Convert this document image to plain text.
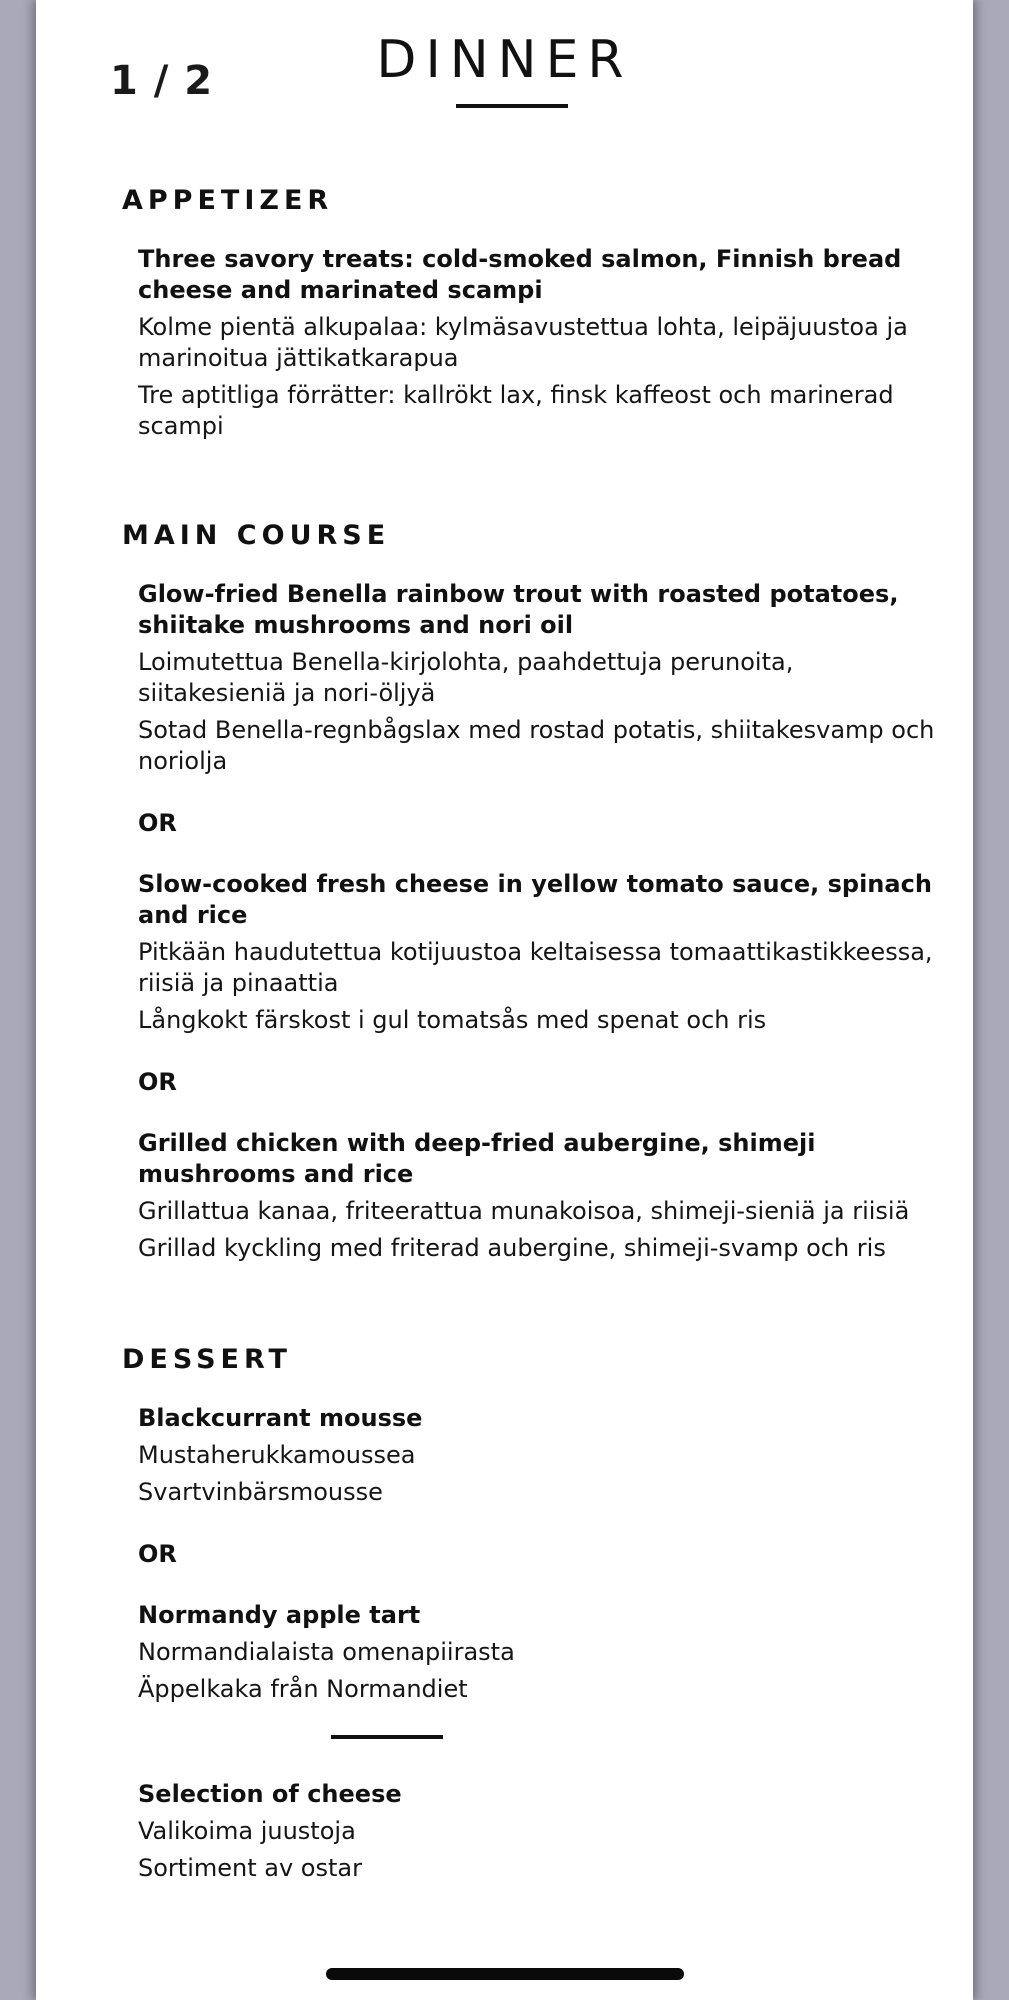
1 / 2	DINNER
APPETIZER
Three savory treats: cold-smoked salmon, Finnish bread cheese and marinated scampi
Kolme pientä alkupalaa: kylmäsavustettua lohta, leipäjuustoa ja marinoitua jättikatkarapua
Tre aptitliga förrätter: kallrökt lax, finsk kaffeost och marinerad scampi
MAIN COURSE
Glow-fried Benella rainbow trout with roasted potatoes, shiitake mushrooms and nori oil
Loimutettua Benella-kirjolohta, paahdettuja perunoita, siitakesieniä ja nori-öljyä
Sotad Benella-regnbågslax med rostad potatis, shiitakesvamp och noriolja
OR
Slow-cooked fresh cheese in yellow tomato sauce, spinach and rice
Pitkään haudutettua kotijuustoa keltaisessa tomaattikastikkeessa, riisiä ja pinaattia
Långkokt färskost i gul tomatsås med spenat och ris
OR
Grilled chicken with deep-fried aubergine, shimeji mushrooms and rice
Grillattua kanaa, friteerattua munakoisoa, shimeji-sieniä ja riisiä
Grillad kyckling med friterad aubergine, shimeji-svamp och ris
DESSERT
Blackcurrant mousse
Mustaherukkamoussea
Svartvinbärsmousse
OR
Normandy apple tart
Normandialaista omenapiirasta
Äppelkaka från Normandiet
Selection of cheese
Valikoima juustoja
Sortiment av ostar
